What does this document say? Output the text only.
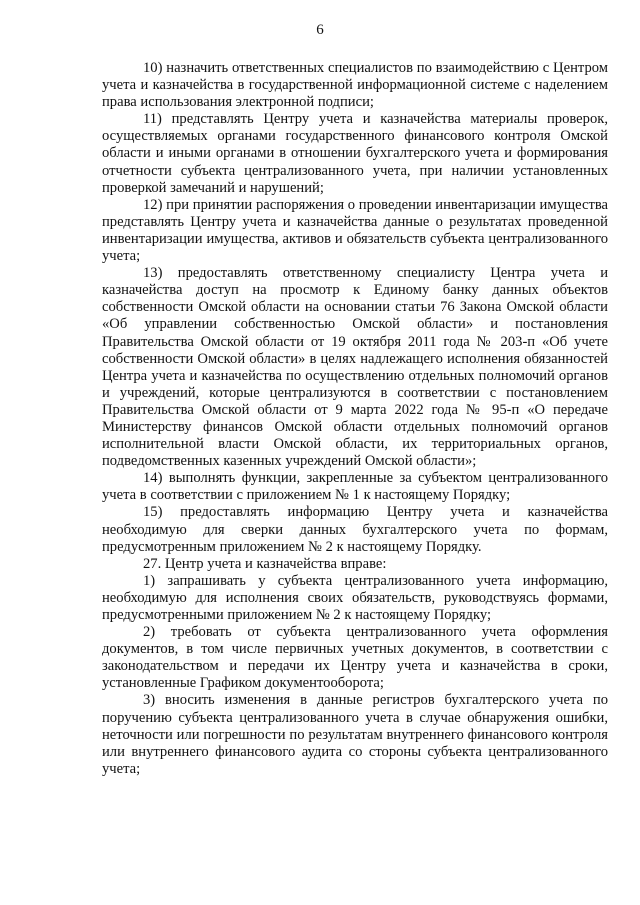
6

10) назначить ответственных специалистов по взаимодействию с Центром учета и казначейства в государственной информационной системе с наделением права использования электронной подписи;

11) представлять Центру учета и казначейства материалы проверок, осуществляемых органами государственного финансового контроля Омской области и иными органами в отношении бухгалтерского учета и формирования отчетности субъекта централизованного учета, при наличии установленных проверкой замечаний и нарушений;

12) при принятии распоряжения о проведении инвентаризации имущества представлять Центру учета и казначейства данные о результатах проведенной инвентаризации имущества, активов и обязательств субъекта централизованного учета;

13) предоставлять ответственному специалисту Центра учета и казначейства доступ на просмотр к Единому банку данных объектов собственности Омской области на основании статьи 76 Закона Омской области «Об управлении собственностью Омской области» и постановления Правительства Омской области от 19 октября 2011 года № 203-п «Об учете собственности Омской области» в целях надлежащего исполнения обязанностей Центра учета и казначейства по осуществлению отдельных полномочий органов и учреждений, которые централизуются в соответствии с постановлением Правительства Омской области от 9 марта 2022 года № 95-п «О передаче Министерству финансов Омской области отдельных полномочий органов исполнительной власти Омской области, их территориальных органов, подведомственных казенных учреждений Омской области»;

14) выполнять функции, закрепленные за субъектом централизованного учета в соответствии с приложением № 1 к настоящему Порядку;

15) предоставлять информацию Центру учета и казначейства необходимую для сверки данных бухгалтерского учета по формам, предусмотренным приложением № 2 к настоящему Порядку.

27. Центр учета и казначейства вправе:

1) запрашивать у субъекта централизованного учета информацию, необходимую для исполнения своих обязательств, руководствуясь формами, предусмотренными приложением № 2 к настоящему Порядку;

2) требовать от субъекта централизованного учета оформления документов, в том числе первичных учетных документов, в соответствии с законодательством и передачи их Центру учета и казначейства в сроки, установленные Графиком документооборота;

3) вносить изменения в данные регистров бухгалтерского учета по поручению субъекта централизованного учета в случае обнаружения ошибки, неточности или погрешности по результатам внутреннего финансового контроля или внутреннего финансового аудита со стороны субъекта централизованного учета;
